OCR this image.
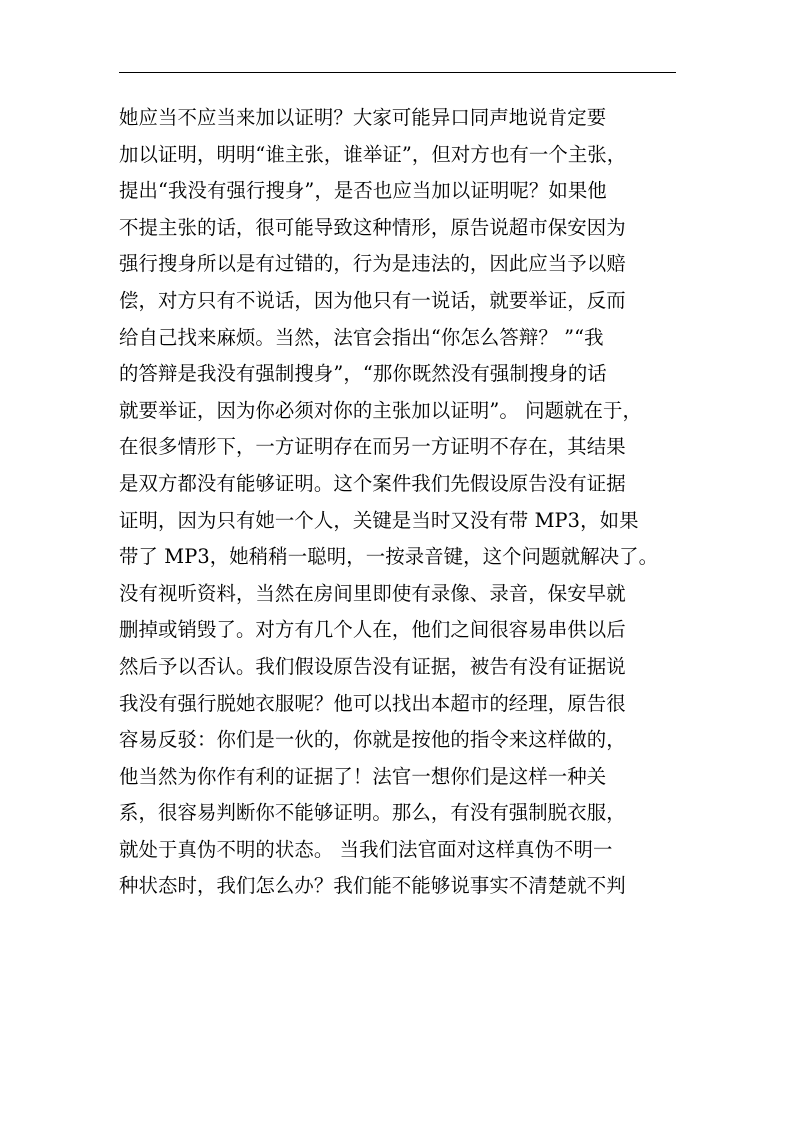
她应当不应当来加以证明？大家可能异口同声地说肯定要
加以证明，明明“谁主张，谁举证”，但对方也有一个主张，
提出“我没有强行搜身”，是否也应当加以证明呢？如果他
不提主张的话，很可能导致这种情形，原告说超市保安因为
强行搜身所以是有过错的，行为是违法的，因此应当予以赔
偿，对方只有不说话，因为他只有一说话，就要举证，反而
给自己找来麻烦。当然，法官会指出“你怎么答辩？ ”“我
的答辩是我没有强制搜身”，“那你既然没有强制搜身的话
就要举证，因为你必须对你的主张加以证明”。 问题就在于，
在很多情形下，一方证明存在而另一方证明不存在，其结果
是双方都没有能够证明。这个案件我们先假设原告没有证据
证明，因为只有她一个人，关键是当时又没有带 MP3，如果
带了 MP3，她稍稍一聪明，一按录音键，这个问题就解决了。
没有视听资料，当然在房间里即使有录像、录音，保安早就
删掉或销毁了。对方有几个人在，他们之间很容易串供以后
然后予以否认。我们假设原告没有证据，被告有没有证据说
我没有强行脱她衣服呢？他可以找出本超市的经理，原告很
容易反驳：你们是一伙的，你就是按他的指令来这样做的，
他当然为你作有利的证据了！法官一想你们是这样一种关
系，很容易判断你不能够证明。那么，有没有强制脱衣服，
就处于真伪不明的状态。 当我们法官面对这样真伪不明一
种状态时，我们怎么办？我们能不能够说事实不清楚就不判
